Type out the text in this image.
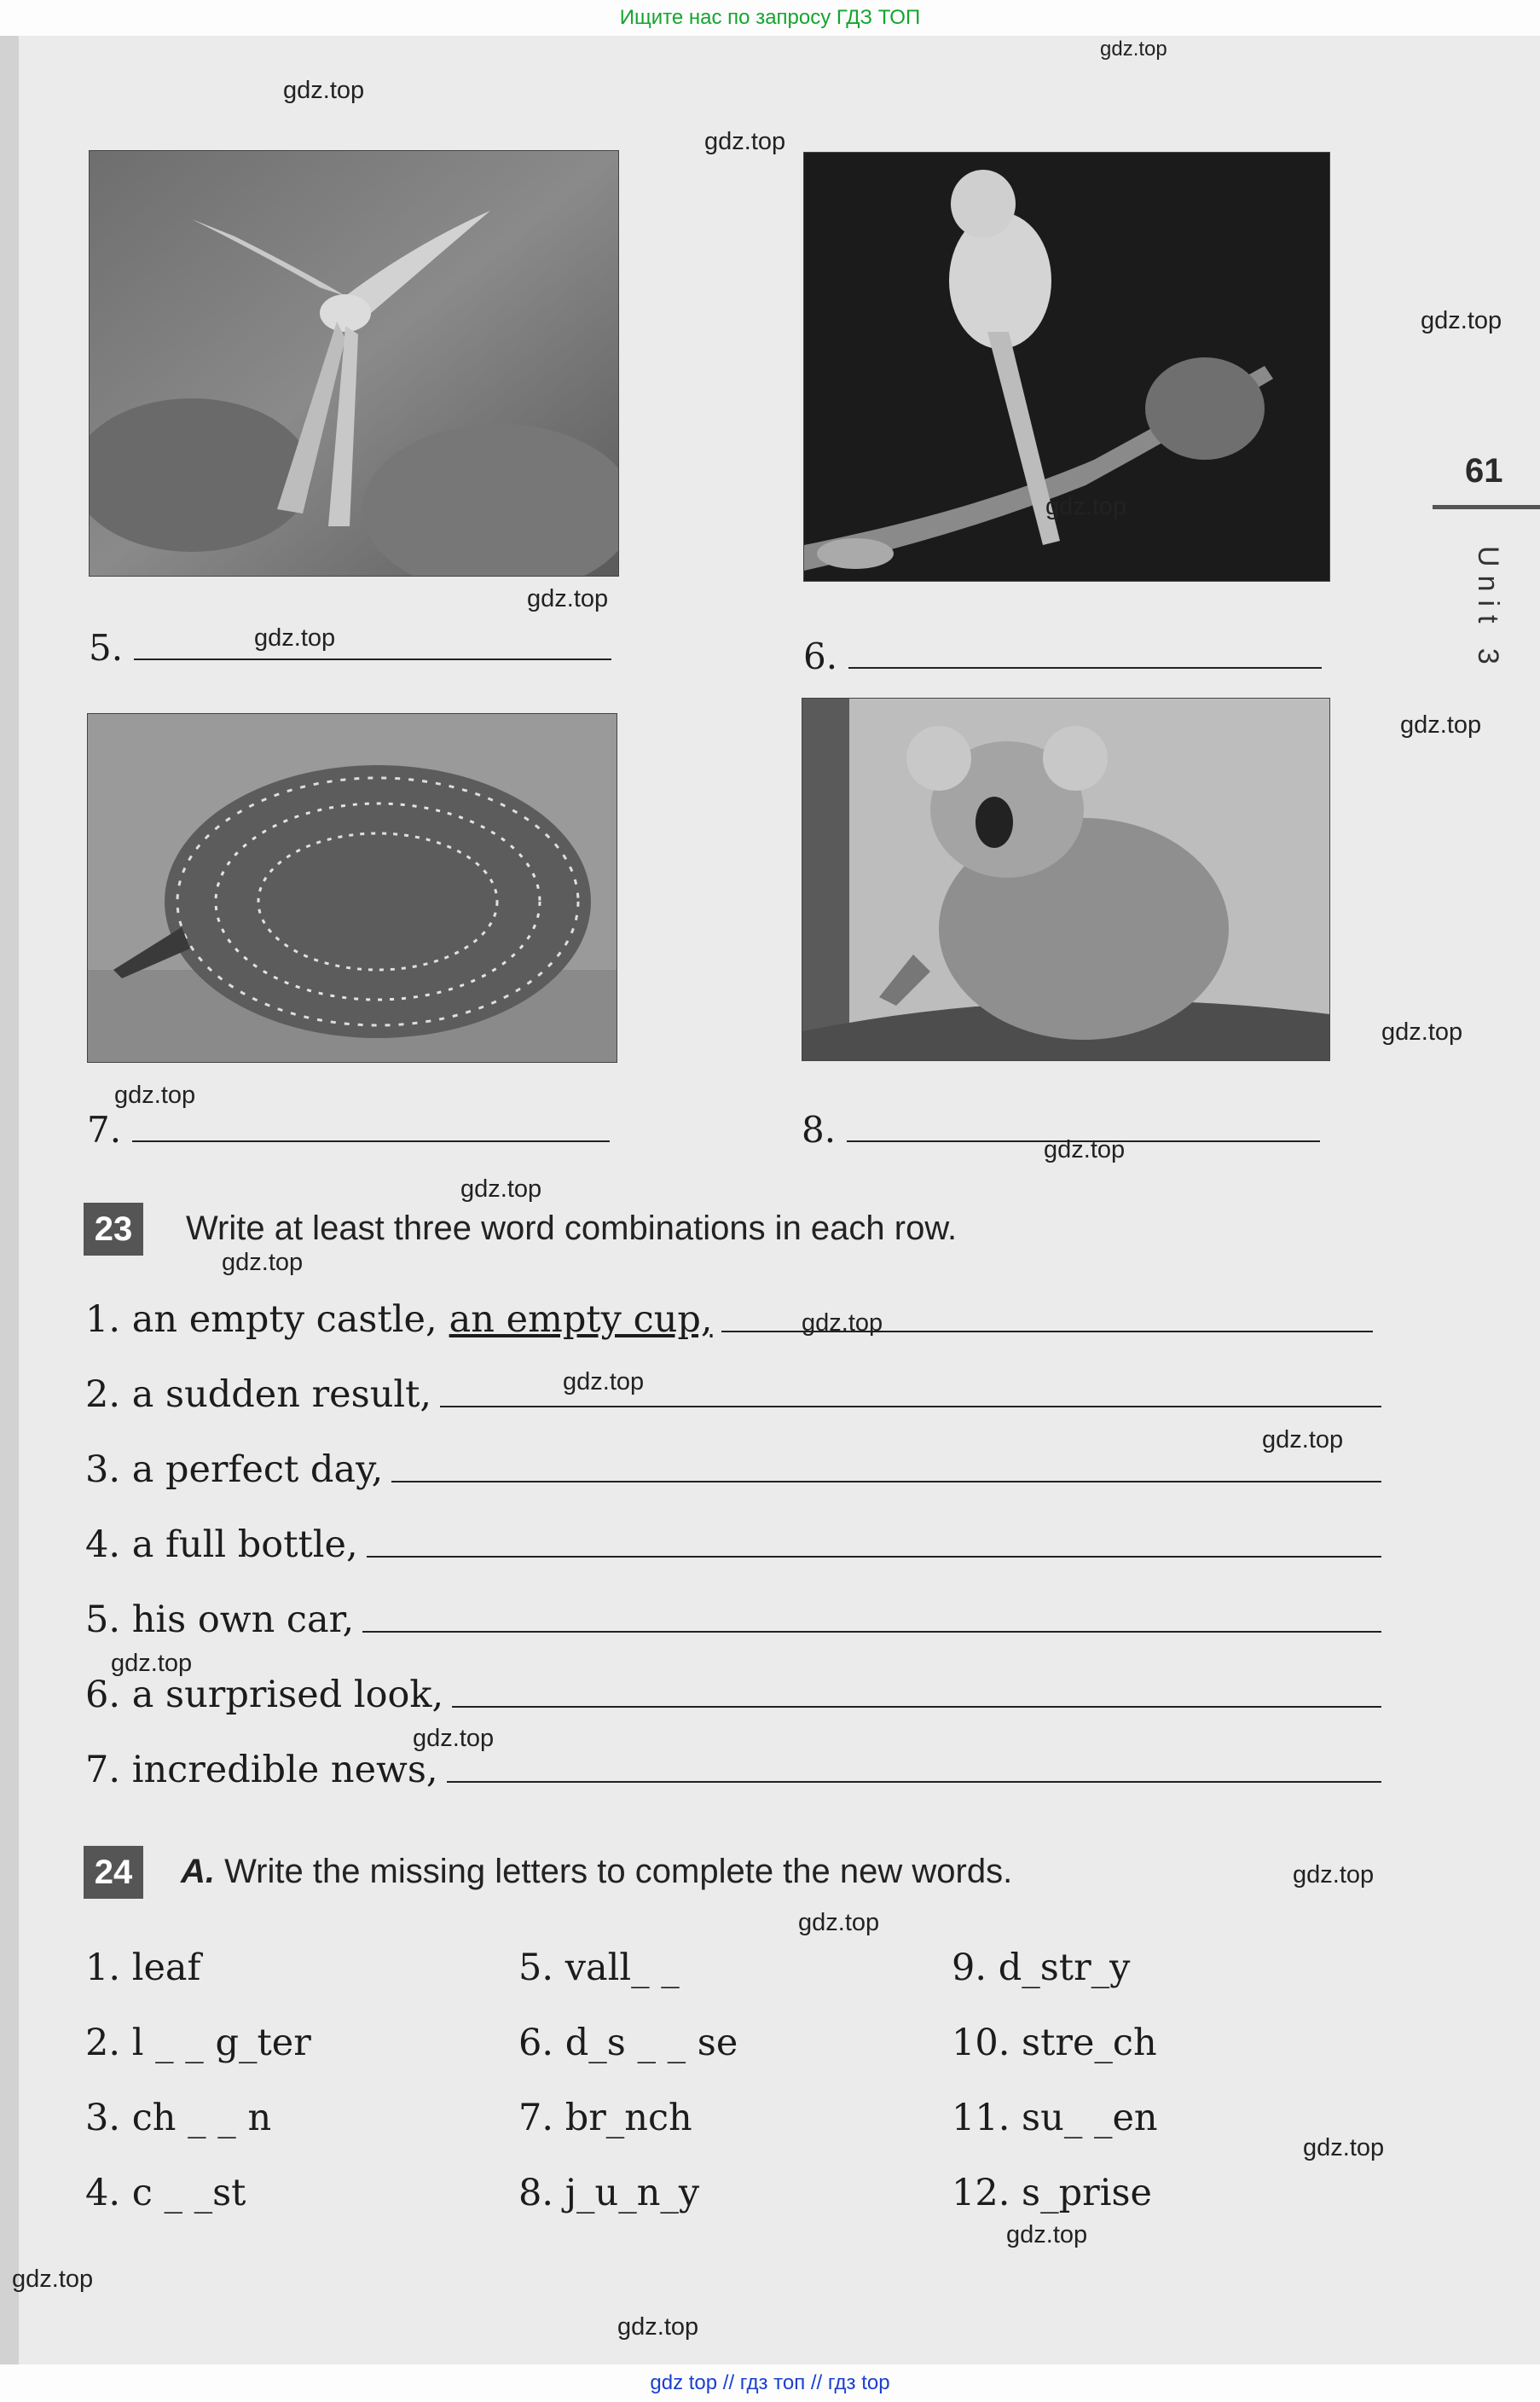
Ищите нас по запросу ГДЗ ТОП
61
Unit 3
5.	6.
7.	8.
23	Write at least three word combinations in each row.
1. an empty castle, an empty cup,
2. a sudden result,
3. a perfect day,
4. a full bottle,
5. his own car,
6. a surprised look,
7. incredible news,
24	A. Write the missing letters to complete the new words.
1. leaf
2. l _ _ g_ter
3. ch _ _ n
4. c _ _st
5. vall_ _
6. d_s _ _ se
7. br_nch
8. j_u_n_y
9. d_str_y
10. stre_ch
11. su_ _en
12. s_prise
gdz.top
gdz.top
gdz.top
gdz.top
gdz.top
gdz.top
gdz.top
gdz.top
gdz.top
gdz.top
gdz.top
gdz.top
gdz.top
gdz.top
gdz.top
gdz.top
gdz.top
gdz.top
gdz.top
gdz.top
gdz.top
gdz.top
gdz.top
gdz.top
gdz top // гдз топ // гдз top
